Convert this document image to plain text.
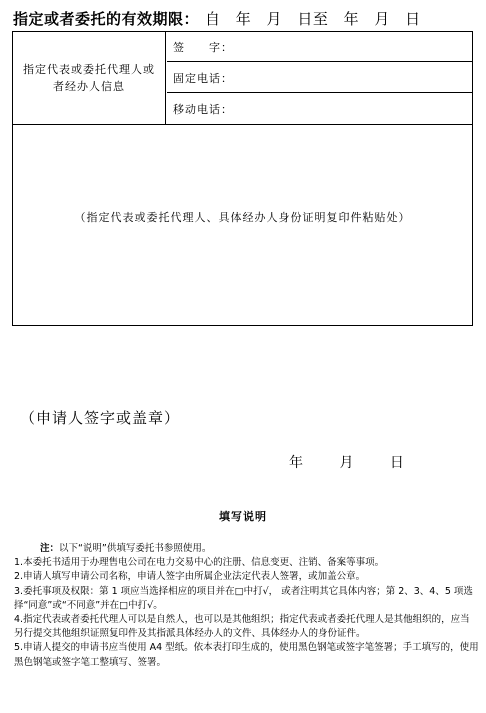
指定或者委托的有效期限： 自 年 月 日至 年 月 日
指定代表或委托代理人或者经办人信息
签　　字：
固定电话：
移动电话：
（指定代表或委托代理人、具体经办人身份证明复印件粘贴处）
（申请人签字或盖章）
年 月 日
填写说明

注：以下“说明”供填写委托书参照使用。

1.本委托书适用于办理售电公司在电力交易中心的注册、信息变更、注销、备案等事项。

2.申请人填写申请公司名称，申请人签字由所属企业法定代表人签署，或加盖公章。

3.委托事项及权限：第 1 项应当选择相应的项目并在□中打√， 或者注明其它具体内容；第 2、3、4、5 项选择“同意”或“不同意”并在□中打√。

4.指定代表或者委托代理人可以是自然人，也可以是其他组织；指定代表或者委托代理人是其他组织的，应当另行提交其他组织证照复印件及其指派具体经办人的文件、具体经办人的身份证件。

5.申请人提交的申请书应当使用 A4 型纸。依本表打印生成的，使用黑色钢笔或签字笔签署；手工填写的，使用黑色钢笔或签字笔工整填写、签署。
